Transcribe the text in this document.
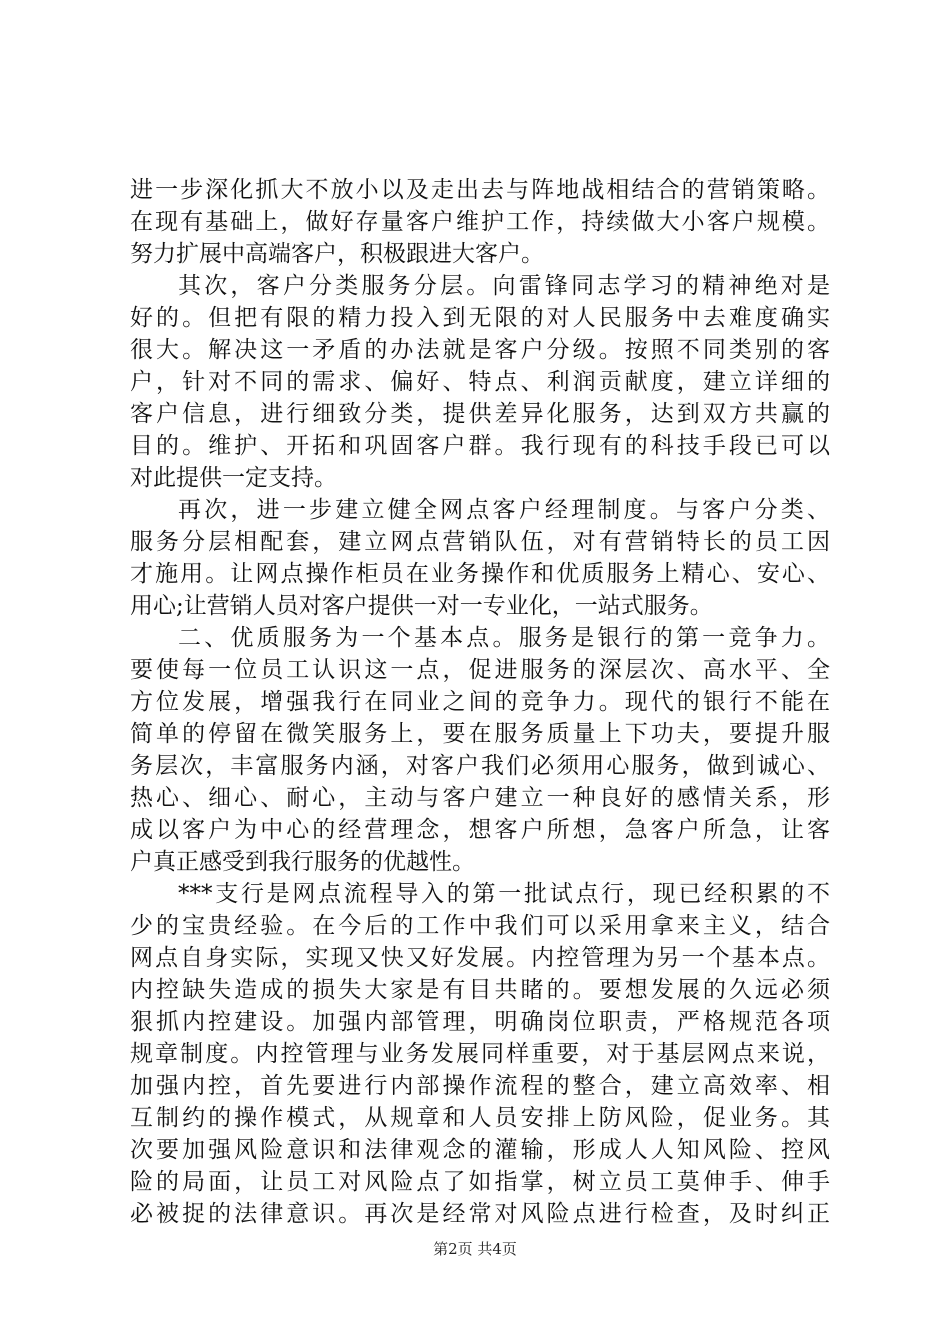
进一步深化抓大不放小以及走出去与阵地战相结合的营销策略。
在现有基础上，做好存量客户维护工作，持续做大小客户规模。
努力扩展中高端客户，积极跟进大客户。
其次，客户分类服务分层。向雷锋同志学习的精神绝对是
好的。但把有限的精力投入到无限的对人民服务中去难度确实
很大。解决这一矛盾的办法就是客户分级。按照不同类别的客
户，针对不同的需求、偏好、特点、利润贡献度，建立详细的
客户信息，进行细致分类，提供差异化服务，达到双方共赢的
目的。维护、开拓和巩固客户群。我行现有的科技手段已可以
对此提供一定支持。
再次，进一步建立健全网点客户经理制度。与客户分类、
服务分层相配套，建立网点营销队伍，对有营销特长的员工因
才施用。让网点操作柜员在业务操作和优质服务上精心、安心、
用心;让营销人员对客户提供一对一专业化，一站式服务。
二、优质服务为一个基本点。服务是银行的第一竞争力。
要使每一位员工认识这一点，促进服务的深层次、高水平、全
方位发展，增强我行在同业之间的竞争力。现代的银行不能在
简单的停留在微笑服务上，要在服务质量上下功夫，要提升服
务层次，丰富服务内涵，对客户我们必须用心服务，做到诚心、
热心、细心、耐心，主动与客户建立一种良好的感情关系，形
成以客户为中心的经营理念，想客户所想，急客户所急，让客
户真正感受到我行服务的优越性。
***支行是网点流程导入的第一批试点行，现已经积累的不
少的宝贵经验。在今后的工作中我们可以采用拿来主义，结合
网点自身实际，实现又快又好发展。内控管理为另一个基本点。
内控缺失造成的损失大家是有目共睹的。要想发展的久远必须
狠抓内控建设。加强内部管理，明确岗位职责，严格规范各项
规章制度。内控管理与业务发展同样重要，对于基层网点来说，
加强内控，首先要进行内部操作流程的整合，建立高效率、相
互制约的操作模式，从规章和人员安排上防风险，促业务。其
次要加强风险意识和法律观念的灌输，形成人人知风险、控风
险的局面，让员工对风险点了如指掌，树立员工莫伸手、伸手
必被捉的法律意识。再次是经常对风险点进行检查，及时纠正
第2页 共4页
